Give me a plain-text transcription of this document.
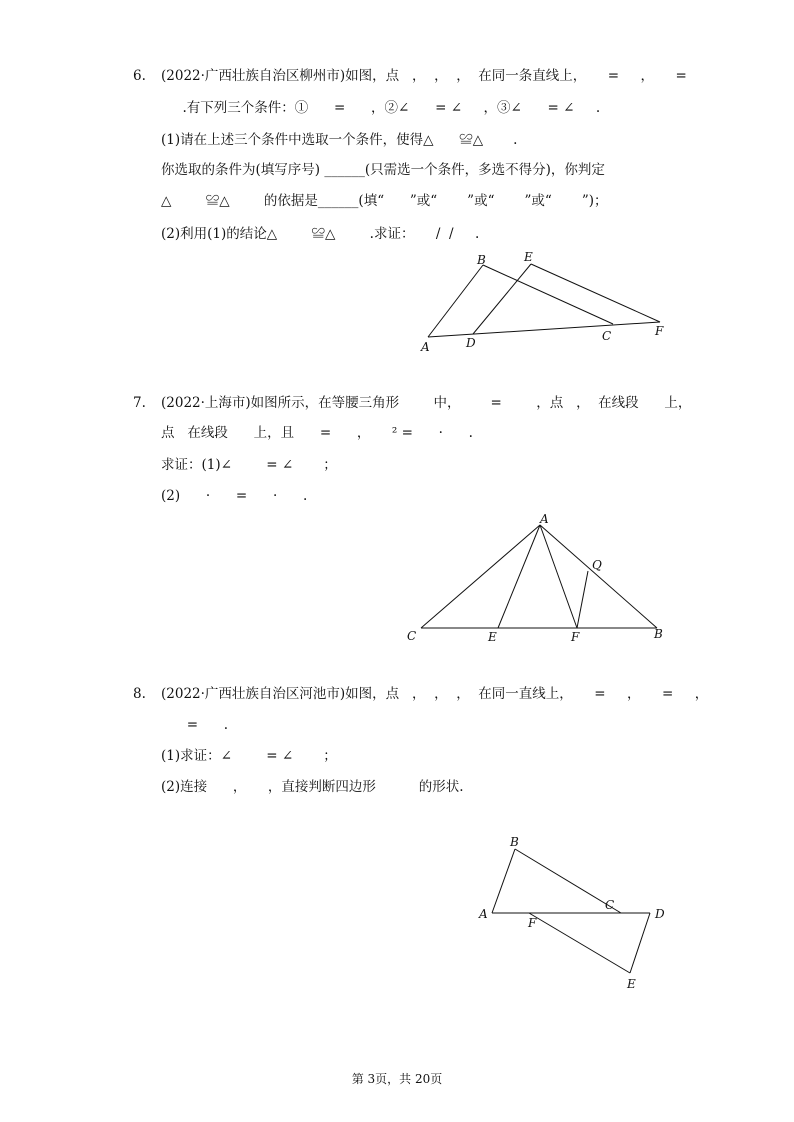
6. (2022·广西壮族自治区柳州市)如图，点   ，  ，  ，  在同一条直线上，     =     ，     =
.有下列三个条件：①      =      ，②∠      = ∠     ，③∠      = ∠     .
(1)请在上述三个条件中选取一个条件，使得△      ≌△       .
你选取的条件为(填写序号) ______(只需选一个条件，多选不得分)，你判定
△        ≌△        的依据是______(填“      ”或“       ”或“       ”或“       ”)；
(2)利用(1)的结论△        ≌△        .求证：     /  /     .
A
B
C
D
E
F
7. (2022·上海市)如图所示，在等腰三角形        中，       =        ，点   ，  在线段      上，
点   在线段      上，且      =      ，     ² =      ·      .
求证：(1)∠        = ∠       ；
(2)      ·      =      ·      .
A
Q
C	E	F	B
8. (2022·广西壮族自治区河池市)如图，点   ，  ，  ，  在同一直线上，     =     ，     =     ，
=      .
(1)求证：∠        = ∠       ；
(2)连接      ，     ，直接判断四边形          的形状.
B
A
F
C
D
E
第 3页，共 20页
